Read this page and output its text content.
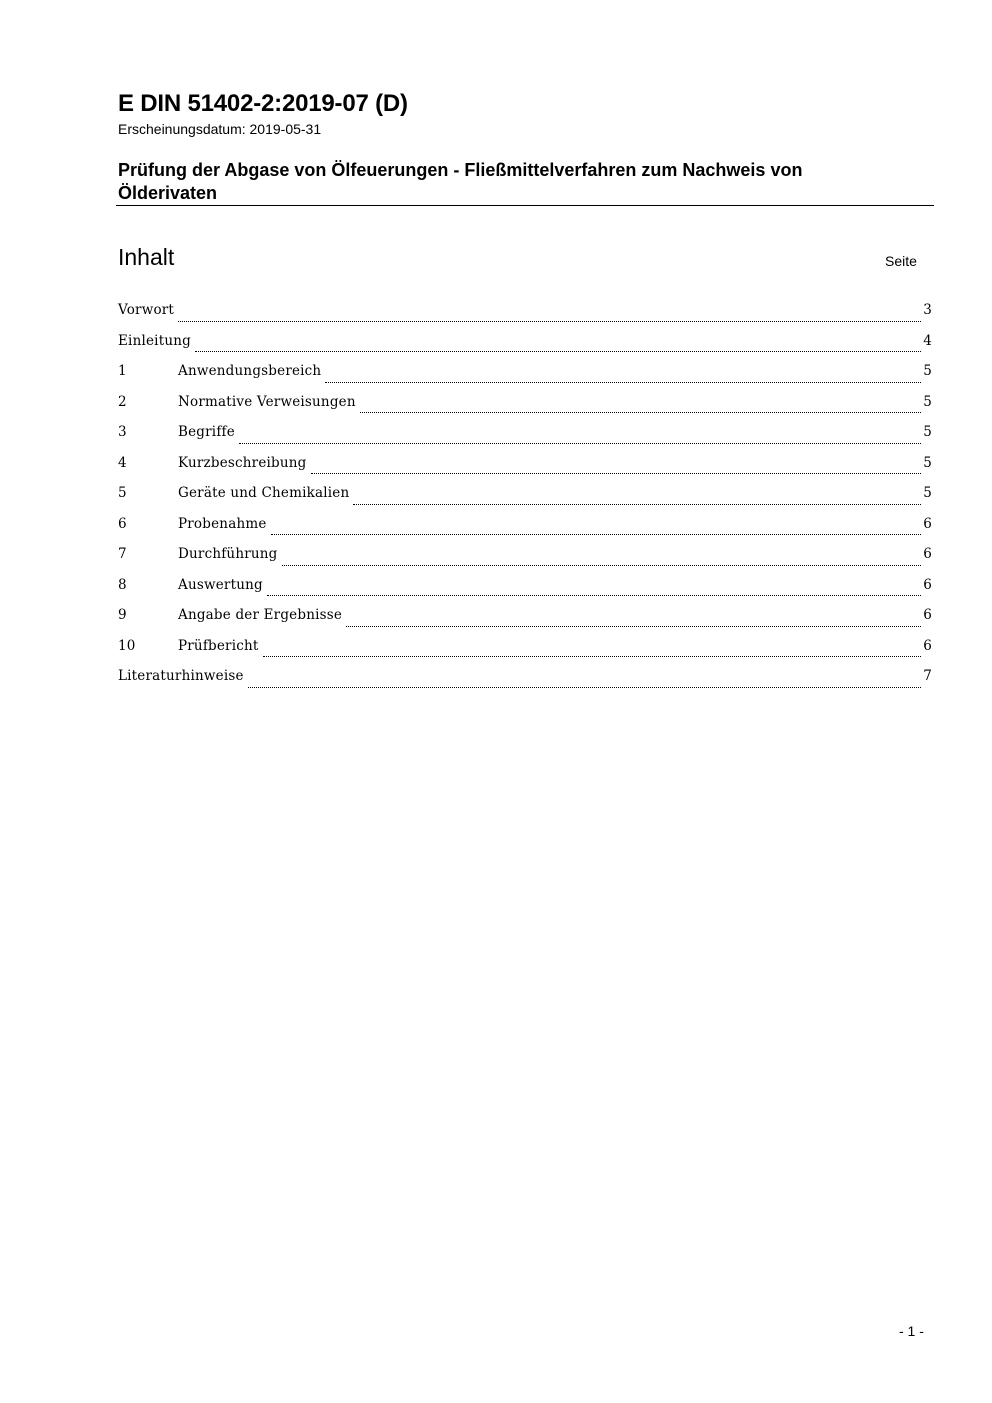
E DIN 51402-2:2019-07 (D)
Erscheinungsdatum: 2019-05-31
Prüfung der Abgase von Ölfeuerungen - Fließmittelverfahren zum Nachweis von
Ölderivaten
Inhalt	Seite
Vorwort	3
Einleitung	4
1	Anwendungsbereich	5
2	Normative Verweisungen	5
3	Begriffe	5
4	Kurzbeschreibung	5
5	Geräte und Chemikalien	5
6	Probenahme	6
7	Durchführung	6
8	Auswertung	6
9	Angabe der Ergebnisse	6
10	Prüfbericht	6
Literaturhinweise	7
- 1 -
